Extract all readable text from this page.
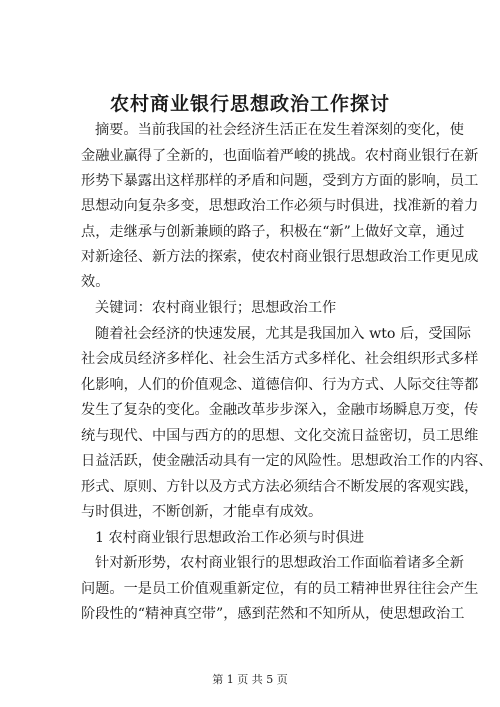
农村商业银行思想政治工作探讨
摘要。当前我国的社会经济生活正在发生着深刻的变化，使
金融业赢得了全新的，也面临着严峻的挑战。农村商业银行在新
形势下暴露出这样那样的矛盾和问题，受到方方面的影响，员工
思想动向复杂多变，思想政治工作必须与时俱进，找准新的着力
点，走继承与创新兼顾的路子，积极在“新”上做好文章，通过
对新途径、新方法的探索，使农村商业银行思想政治工作更见成
效。
关键词：农村商业银行；思想政治工作
随着社会经济的快速发展，尤其是我国加入 wto 后，受国际
社会成员经济多样化、社会生活方式多样化、社会组织形式多样
化影响，人们的价值观念、道德信仰、行为方式、人际交往等都
发生了复杂的变化。金融改革步步深入，金融市场瞬息万变，传
统与现代、中国与西方的的思想、文化交流日益密切，员工思维
日益活跃，使金融活动具有一定的风险性。思想政治工作的内容、
形式、原则、方针以及方式方法必须结合不断发展的客观实践，
与时俱进，不断创新，才能卓有成效。
1 农村商业银行思想政治工作必须与时俱进
针对新形势，农村商业银行的思想政治工作面临着诸多全新
问题。一是员工价值观重新定位，有的员工精神世界往往会产生
阶段性的“精神真空带”，感到茫然和不知所从，使思想政治工
第 1 页 共 5 页
